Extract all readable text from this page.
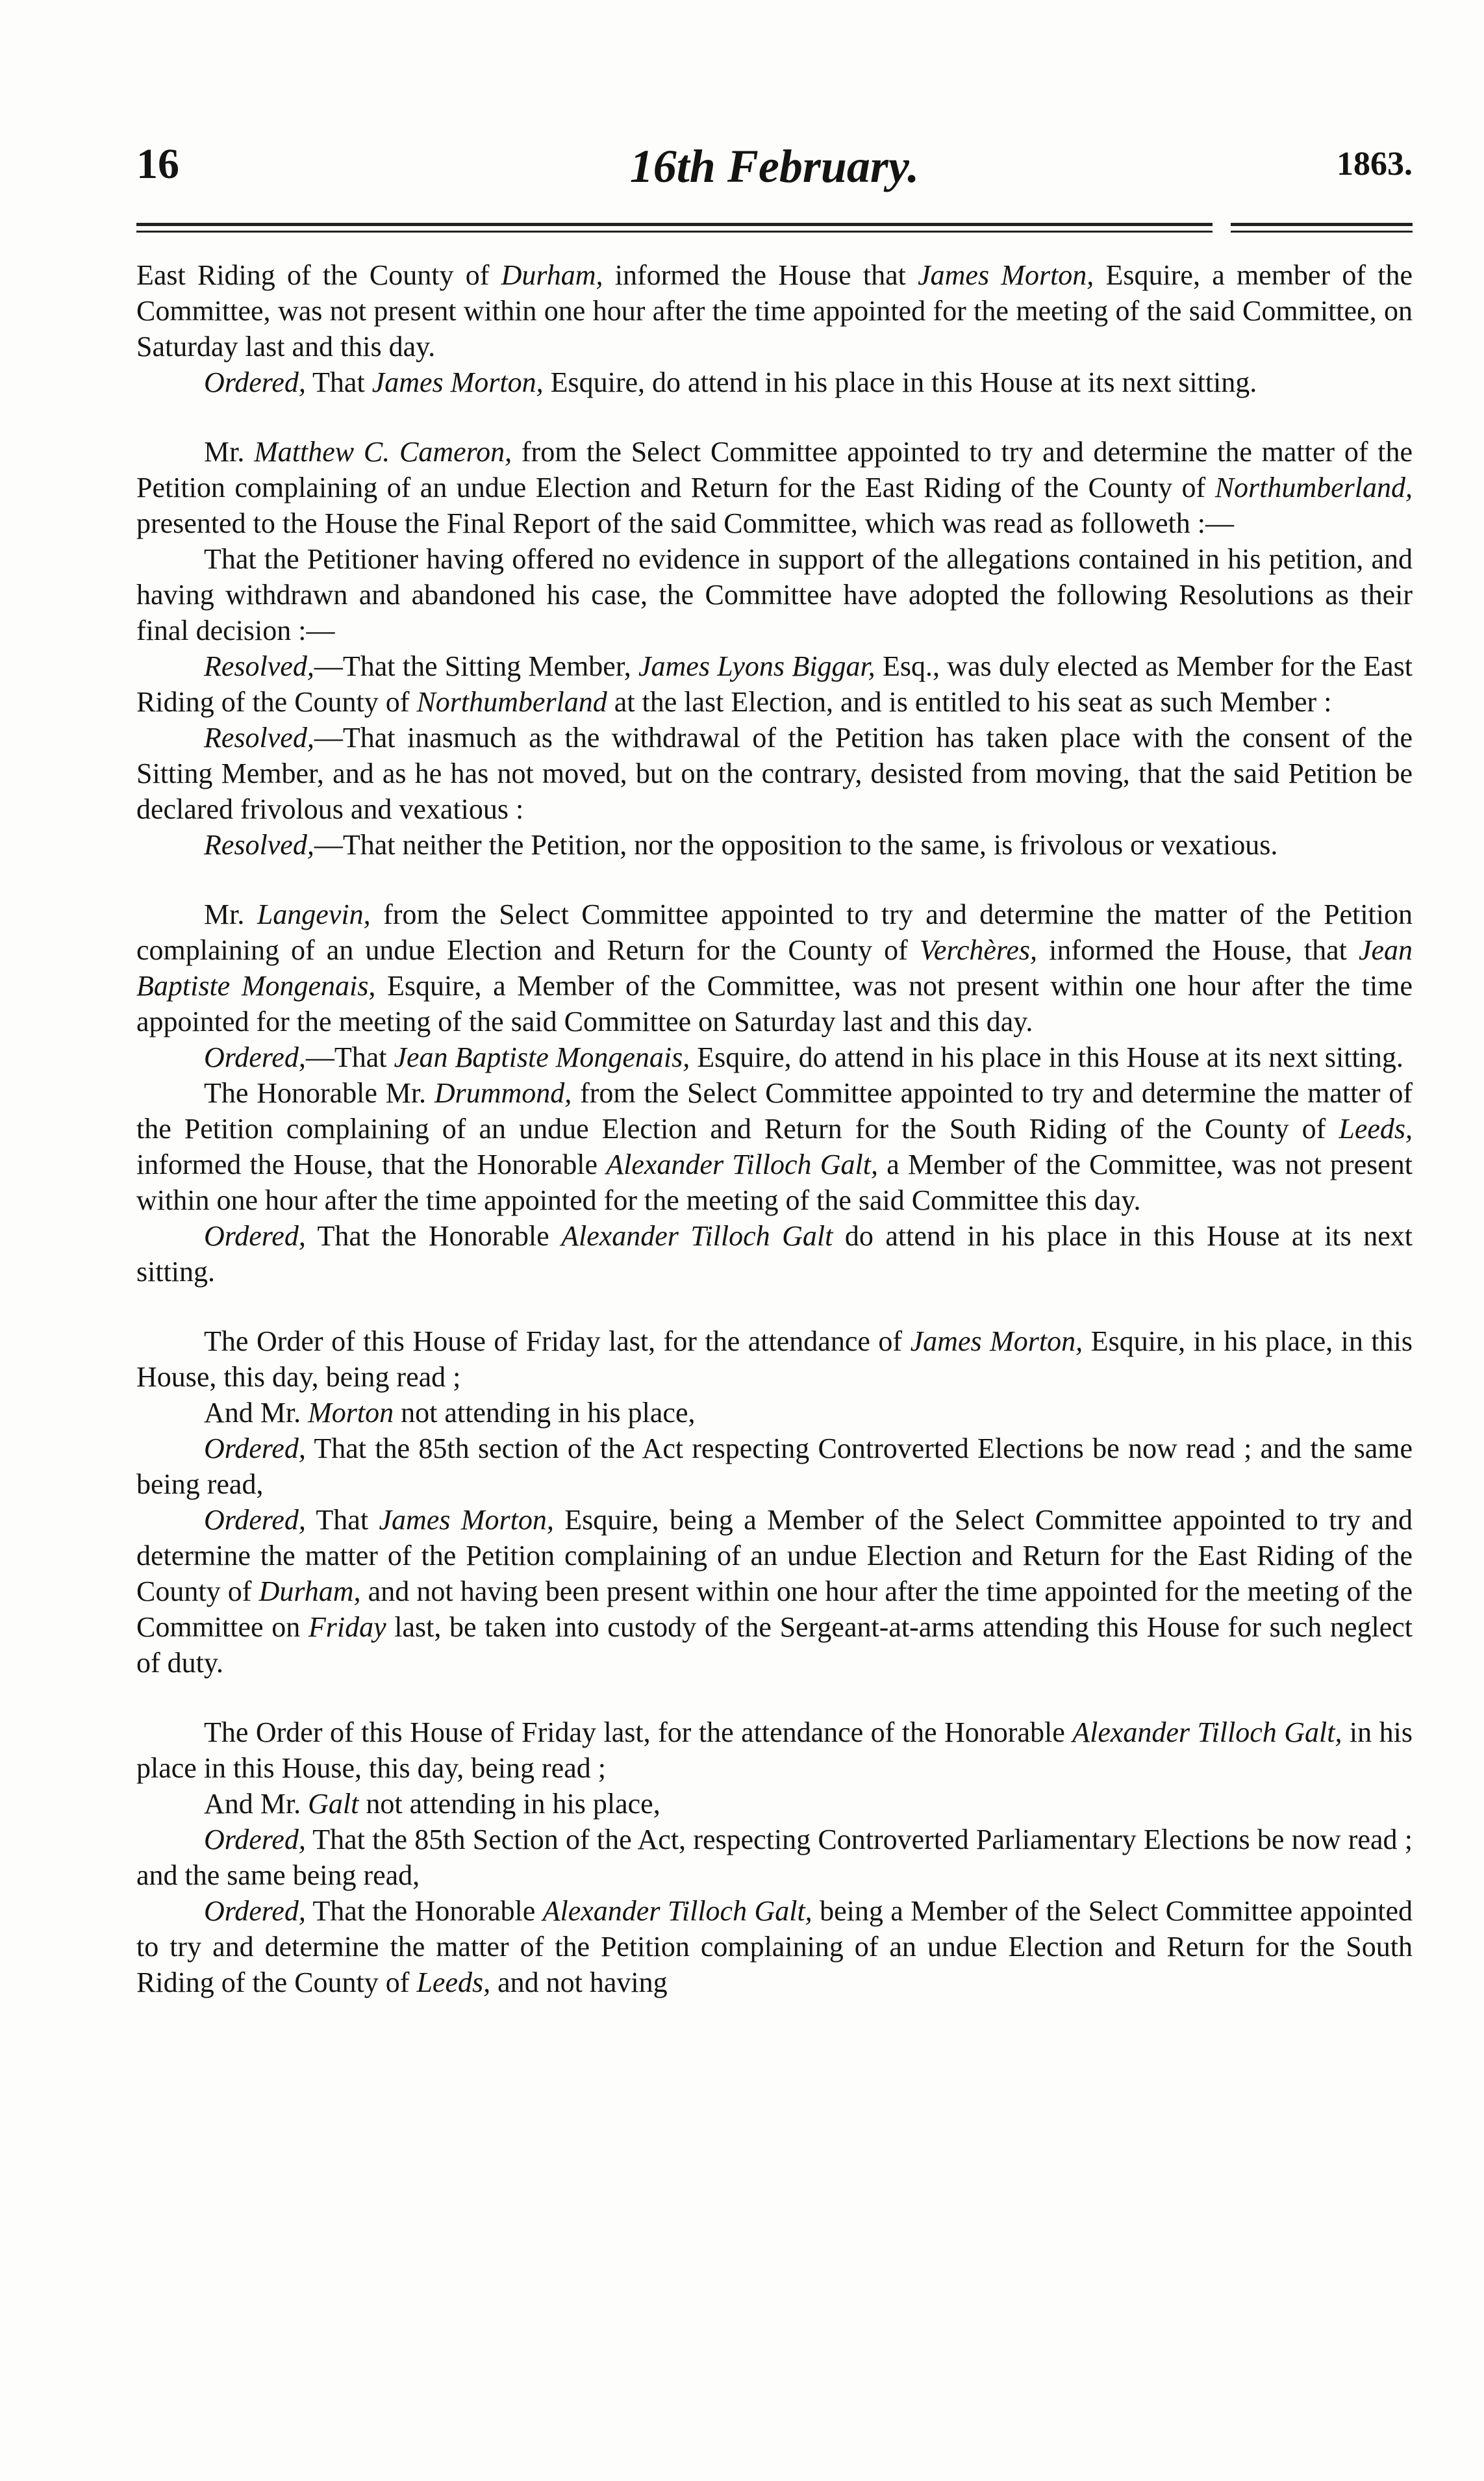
16	16th February.	1863.

East Riding of the County of Durham, informed the House that James Morton, Esquire, a member of the Committee, was not present within one hour after the time appointed for the meeting of the said Committee, on Saturday last and this day.

Ordered, That James Morton, Esquire, do attend in his place in this House at its next sitting.

Mr. Matthew C. Cameron, from the Select Committee appointed to try and determine the matter of the Petition complaining of an undue Election and Return for the East Riding of the County of Northumberland, presented to the House the Final Report of the said Committee, which was read as followeth :—

That the Petitioner having offered no evidence in support of the allegations contained in his petition, and having withdrawn and abandoned his case, the Committee have adopted the following Resolutions as their final decision :—

Resolved,—That the Sitting Member, James Lyons Biggar, Esq., was duly elected as Member for the East Riding of the County of Northumberland at the last Election, and is entitled to his seat as such Member :

Resolved,—That inasmuch as the withdrawal of the Petition has taken place with the consent of the Sitting Member, and as he has not moved, but on the contrary, desisted from moving, that the said Petition be declared frivolous and vexatious :

Resolved,—That neither the Petition, nor the opposition to the same, is frivolous or vexatious.

Mr. Langevin, from the Select Committee appointed to try and determine the matter of the Petition complaining of an undue Election and Return for the County of Verchères, informed the House, that Jean Baptiste Mongenais, Esquire, a Member of the Committee, was not present within one hour after the time appointed for the meeting of the said Committee on Saturday last and this day.

Ordered,—That Jean Baptiste Mongenais, Esquire, do attend in his place in this House at its next sitting.

The Honorable Mr. Drummond, from the Select Committee appointed to try and determine the matter of the Petition complaining of an undue Election and Return for the South Riding of the County of Leeds, informed the House, that the Honorable Alexander Tilloch Galt, a Member of the Committee, was not present within one hour after the time appointed for the meeting of the said Committee this day.

Ordered, That the Honorable Alexander Tilloch Galt do attend in his place in this House at its next sitting.

The Order of this House of Friday last, for the attendance of James Morton, Esquire, in his place, in this House, this day, being read ;

And Mr. Morton not attending in his place,

Ordered, That the 85th section of the Act respecting Controverted Elections be now read ; and the same being read,

Ordered, That James Morton, Esquire, being a Member of the Select Committee appointed to try and determine the matter of the Petition complaining of an undue Election and Return for the East Riding of the County of Durham, and not having been present within one hour after the time appointed for the meeting of the Committee on Friday last, be taken into custody of the Sergeant-at-arms attending this House for such neglect of duty.

The Order of this House of Friday last, for the attendance of the Honorable Alexander Tilloch Galt, in his place in this House, this day, being read ;

And Mr. Galt not attending in his place,

Ordered, That the 85th Section of the Act, respecting Controverted Parliamentary Elections be now read ; and the same being read,

Ordered, That the Honorable Alexander Tilloch Galt, being a Member of the Select Committee appointed to try and determine the matter of the Petition complaining of an undue Election and Return for the South Riding of the County of Leeds, and not having
